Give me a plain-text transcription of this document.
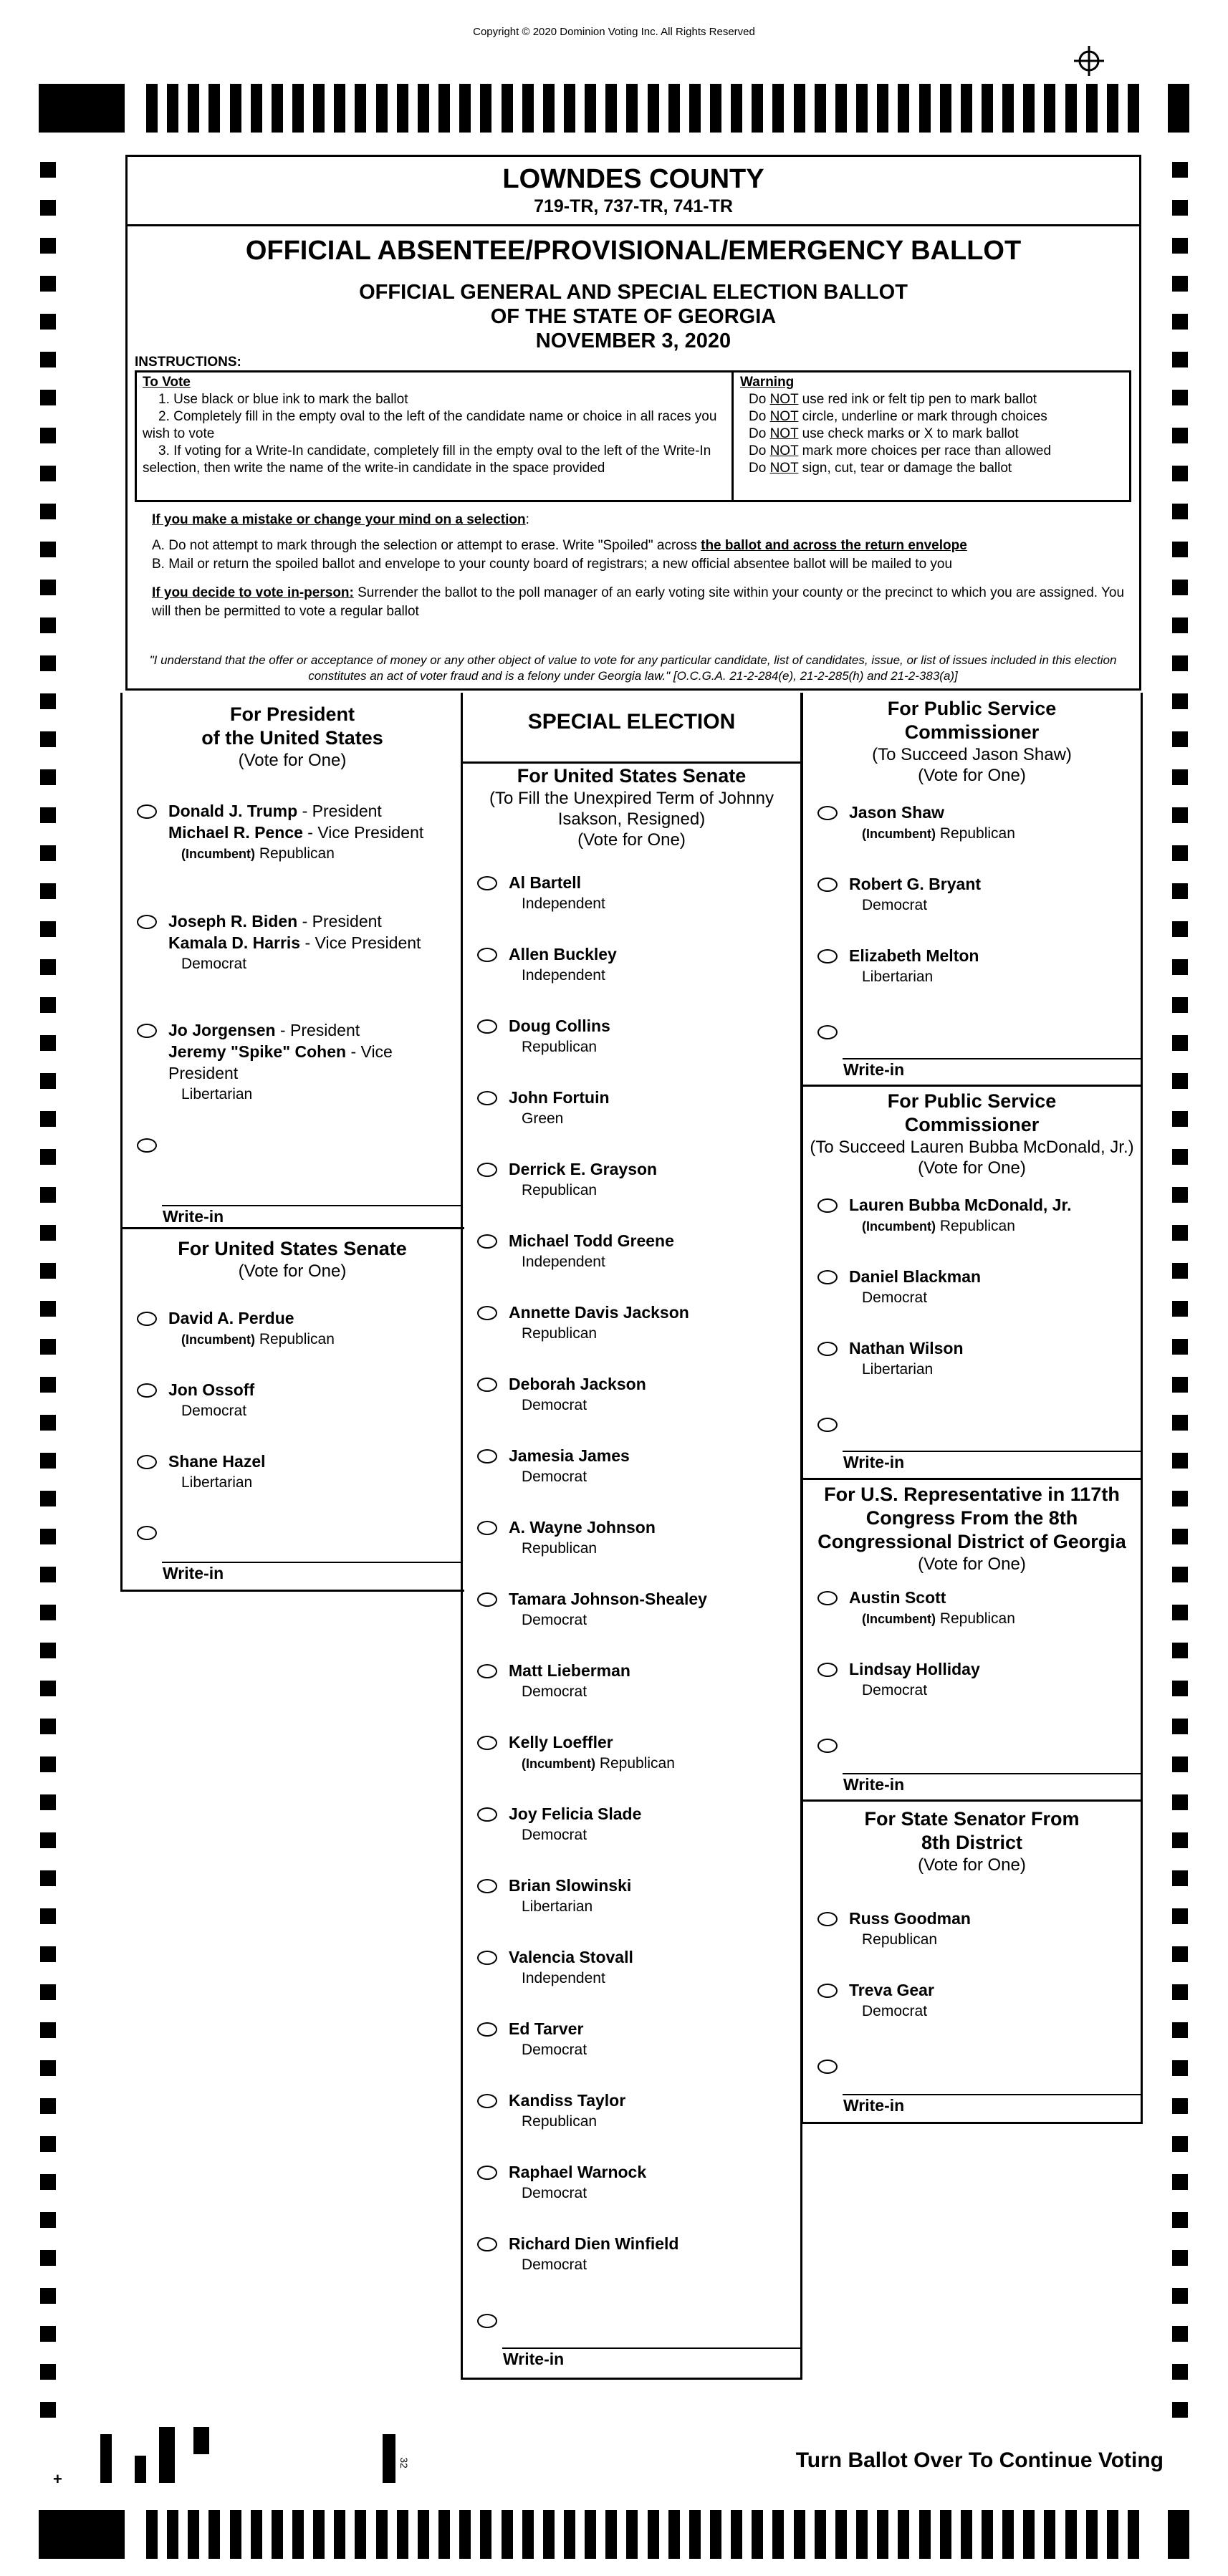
Copyright © 2020 Dominion Voting Inc. All Rights Reserved
LOWNDES COUNTY
719-TR, 737-TR, 741-TR
OFFICIAL ABSENTEE/PROVISIONAL/EMERGENCY BALLOT
OFFICIAL GENERAL AND SPECIAL ELECTION BALLOT
OF THE STATE OF GEORGIA
NOVEMBER 3, 2020
INSTRUCTIONS:
To Vote
1. Use black or blue ink to mark the ballot
2. Completely fill in the empty oval to the left of the candidate name or choice in all races you wish to vote
3. If voting for a Write-In candidate, completely fill in the empty oval to the left of the Write-In selection, then write the name of the write-in candidate in the space provided
Warning
Do NOT use red ink or felt tip pen to mark ballot
Do NOT circle, underline or mark through choices
Do NOT use check marks or X to mark ballot
Do NOT mark more choices per race than allowed
Do NOT sign, cut, tear or damage the ballot
If you make a mistake or change your mind on a selection:
A. Do not attempt to mark through the selection or attempt to erase. Write "Spoiled" across the ballot and across the return envelope
B. Mail or return the spoiled ballot and envelope to your county board of registrars; a new official absentee ballot will be mailed to you
If you decide to vote in-person: Surrender the ballot to the poll manager of an early voting site within your county or the precinct to which you are assigned. You will then be permitted to vote a regular ballot
"I understand that the offer or acceptance of money or any other object of value to vote for any particular candidate, list of candidates, issue, or list of issues included in this election constitutes an act of voter fraud and is a felony under Georgia law." [O.C.G.A. 21-2-284(e), 21-2-285(h) and 21-2-383(a)]
For President
of the United States
(Vote for One)
Donald J. Trump - President
Michael R. Pence - Vice President
(Incumbent) Republican
Joseph R. Biden - President
Kamala D. Harris - Vice President
Democrat
Jo Jorgensen - President
Jeremy "Spike" Cohen - Vice President
Libertarian
Write-in
For United States Senate
(Vote for One)
David A. Perdue
(Incumbent) Republican
Jon Ossoff
Democrat
Shane Hazel
Libertarian
Write-in
SPECIAL ELECTION
For United States Senate
(To Fill the Unexpired Term of Johnny
Isakson, Resigned)
(Vote for One)
Al Bartell
Independent
Allen Buckley
Independent
Doug Collins
Republican
John Fortuin
Green
Derrick E. Grayson
Republican
Michael Todd Greene
Independent
Annette Davis Jackson
Republican
Deborah Jackson
Democrat
Jamesia James
Democrat
A. Wayne Johnson
Republican
Tamara Johnson-Shealey
Democrat
Matt Lieberman
Democrat
Kelly Loeffler
(Incumbent) Republican
Joy Felicia Slade
Democrat
Brian Slowinski
Libertarian
Valencia Stovall
Independent
Ed Tarver
Democrat
Kandiss Taylor
Republican
Raphael Warnock
Democrat
Richard Dien Winfield
Democrat
Write-in
For Public Service
Commissioner
(To Succeed Jason Shaw)
(Vote for One)
Jason Shaw
(Incumbent) Republican
Robert G. Bryant
Democrat
Elizabeth Melton
Libertarian
Write-in
For Public Service
Commissioner
(To Succeed Lauren Bubba McDonald, Jr.)
(Vote for One)
Lauren Bubba McDonald, Jr.
(Incumbent) Republican
Daniel Blackman
Democrat
Nathan Wilson
Libertarian
Write-in
For U.S. Representative in 117th
Congress From the 8th
Congressional District of Georgia
(Vote for One)
Austin Scott
(Incumbent) Republican
Lindsay Holliday
Democrat
Write-in
For State Senator From
8th District
(Vote for One)
Russ Goodman
Republican
Treva Gear
Democrat
Write-in
+
32	Turn Ballot Over To Continue Voting
